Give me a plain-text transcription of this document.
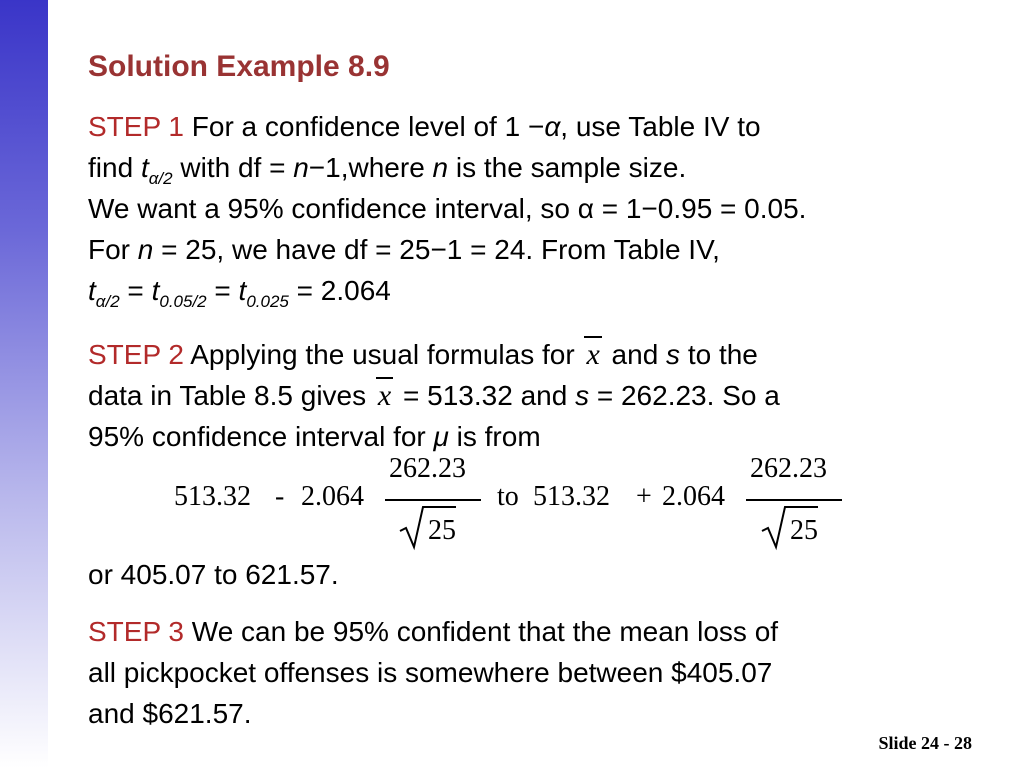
Solution Example 8.9
STEP 1 For a confidence level of 1 −α, use Table IV to
find $t_{\alpha/2}$ with df = n−1,where n is the sample size.
We want a 95% confidence interval, so α = 1−0.95 = 0.05.
For n = 25, we have df = 25−1 = 24. From Table IV,
$t_{\alpha/2} = t_{0.05/2} = t_{0.025} = 2.064$
STEP 2 Applying the usual formulas for x and s to the
data in Table 8.5 gives x = 513.32 and s = 262.23. So a
95% confidence interval for μ is from
513.32 - 2.064
262.23
25
to 513.32 + 2.064
262.23
25
or 405.07 to 621.57.
STEP 3 We can be 95% confident that the mean loss of
all pickpocket offenses is somewhere between $405.07
and $621.57.
Slide 24 - 28
